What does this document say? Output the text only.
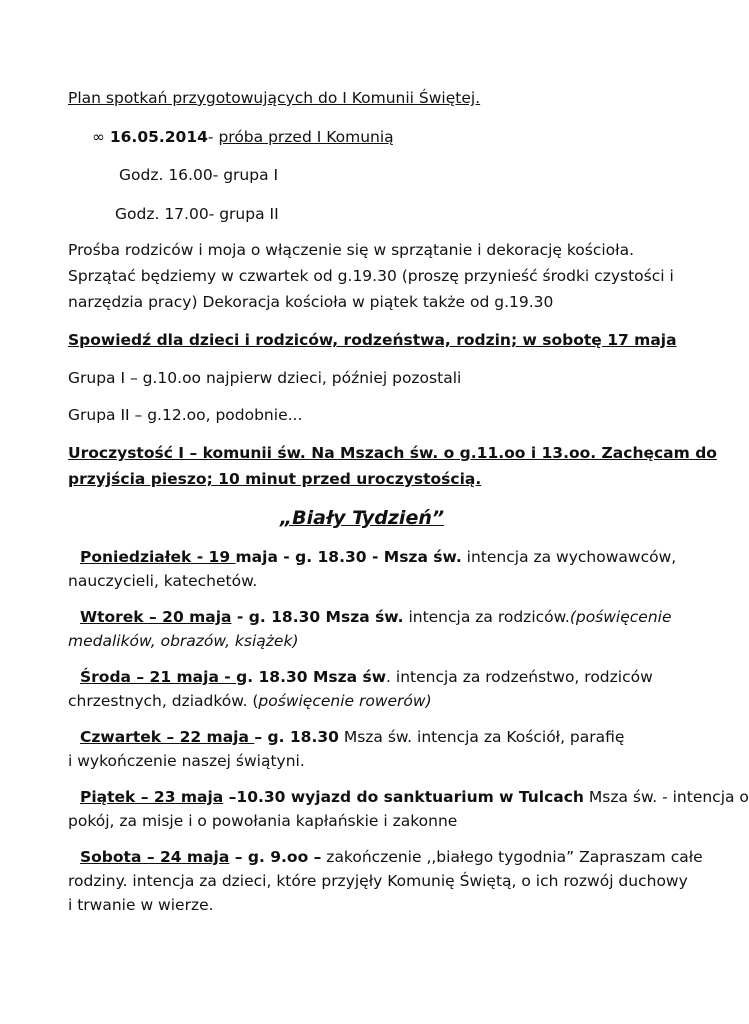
Plan spotkań przygotowujących do I Komunii Świętej.
∞ 16.05.2014- próba przed I Komunią
Godz. 16.00- grupa I
Godz. 17.00- grupa II
Prośba rodziców i moja o włączenie się w sprzątanie i dekorację kościoła.
Sprzątać będziemy w czwartek od g.19.30 (proszę przynieść środki czystości i
narzędzia pracy) Dekoracja kościoła w piątek także od g.19.30
Spowiedź dla dzieci i rodziców, rodzeństwa, rodzin; w sobotę 17 maja
Grupa I – g.10.oo najpierw dzieci, później pozostali
Grupa II – g.12.oo, podobnie...
Uroczystość I – komunii św. Na Mszach św. o g.11.oo i 13.oo. Zachęcam do
przyjścia pieszo; 10 minut przed uroczystością.
„Biały Tydzień”
Poniedziałek - 19 maja - g. 18.30 - Msza św. intencja za wychowawców,
nauczycieli, katechetów.
Wtorek – 20 maja - g. 18.30 Msza św. intencja za rodziców.(poświęcenie
medalików, obrazów, książek)
Środa – 21 maja - g. 18.30 Msza św. intencja za rodzeństwo, rodziców
chrzestnych, dziadków. (poświęcenie rowerów)
Czwartek – 22 maja – g. 18.30 Msza św. intencja za Kościół, parafię
i wykończenie naszej świątyni.
Piątek – 23 maja –10.30 wyjazd do sanktuarium w Tulcach Msza św. - intencja o
pokój, za misje i o powołania kapłańskie i zakonne
Sobota – 24 maja – g. 9.oo – zakończenie ,,białego tygodnia” Zapraszam całe
rodziny. intencja za dzieci, które przyjęły Komunię Świętą, o ich rozwój duchowy
i trwanie w wierze.
